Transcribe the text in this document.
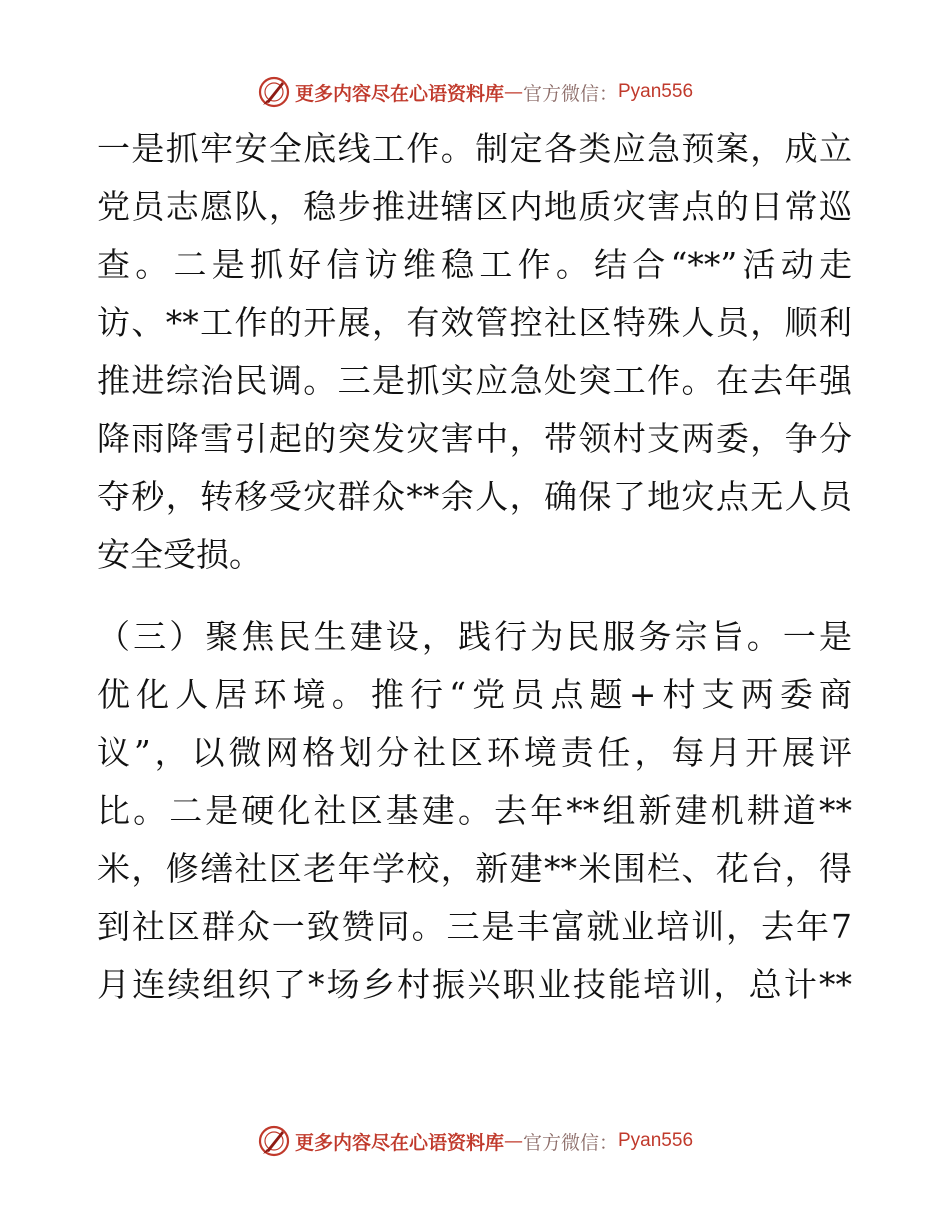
更多内容尽在心语资料库 — 官方微信： Pyan556
一是抓牢安全底线工作。制定各类应急预案，成立
党员志愿队，稳步推进辖区内地质灾害点的日常巡
查。二是抓好信访维稳工作。结合“**”活动走
访、**工作的开展，有效管控社区特殊人员，顺利
推进综治民调。三是抓实应急处突工作。在去年强
降雨降雪引起的突发灾害中，带领村支两委，争分
夺秒，转移受灾群众**余人，确保了地灾点无人员
安全受损。
（三）聚焦民生建设，践行为民服务宗旨。一是
优化人居环境。推行“党员点题+村支两委商
议”，以微网格划分社区环境责任，每月开展评
比。二是硬化社区基建。去年**组新建机耕道**
米，修缮社区老年学校，新建**米围栏、花台，得
到社区群众一致赞同。三是丰富就业培训，去年7
月连续组织了*场乡村振兴职业技能培训，总计**
更多内容尽在心语资料库 — 官方微信： Pyan556
